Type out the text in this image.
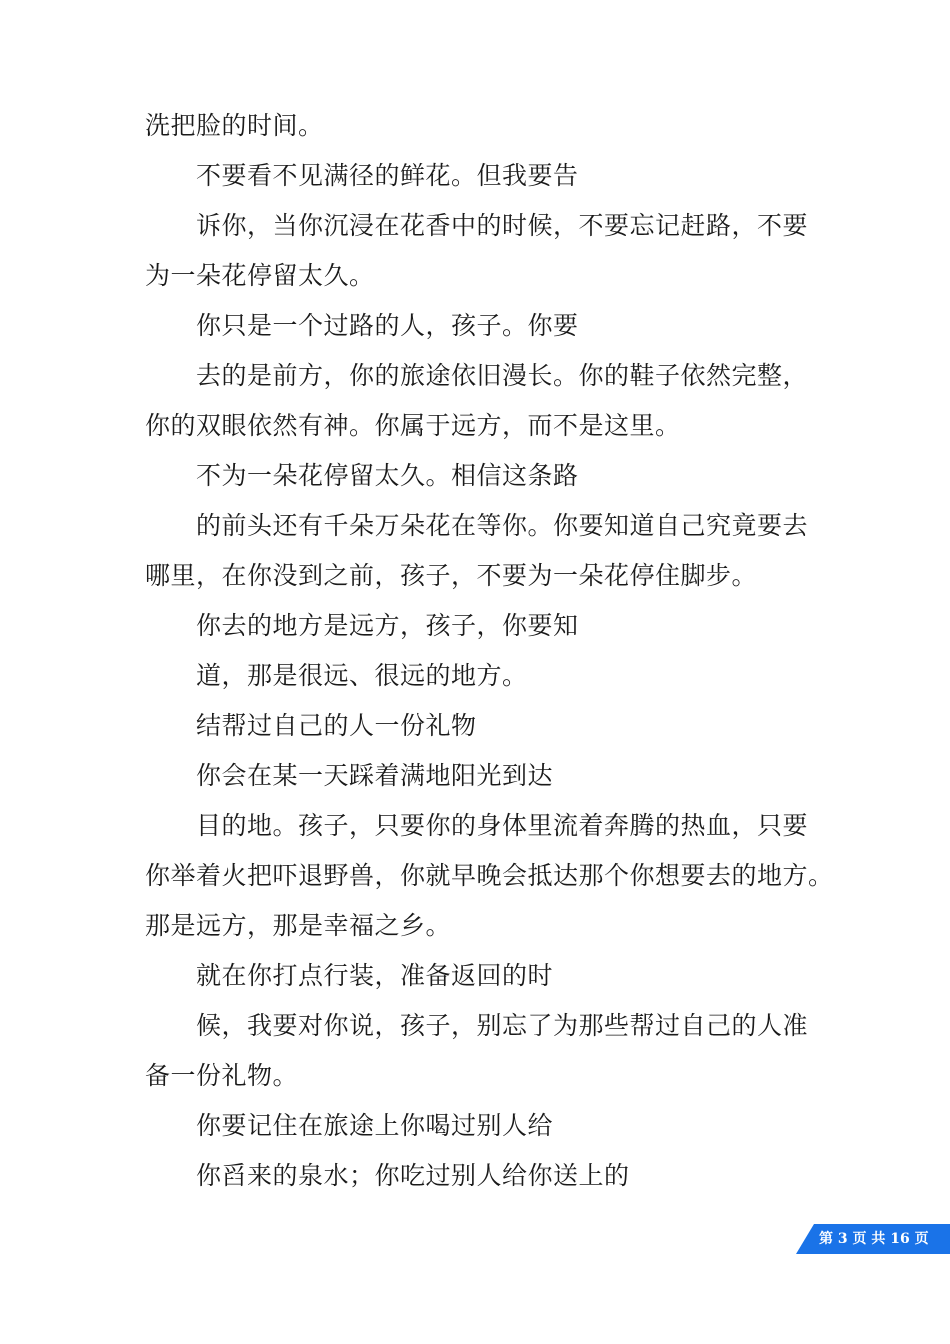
洗把脸的时间。
不要看不见满径的鲜花。但我要告
诉你，当你沉浸在花香中的时候，不要忘记赶路，不要
为一朵花停留太久。
你只是一个过路的人，孩子。你要
去的是前方，你的旅途依旧漫长。你的鞋子依然完整，
你的双眼依然有神。你属于远方，而不是这里。
不为一朵花停留太久。相信这条路
的前头还有千朵万朵花在等你。你要知道自己究竟要去
哪里，在你没到之前，孩子，不要为一朵花停住脚步。
你去的地方是远方，孩子，你要知
道，那是很远、很远的地方。
结帮过自己的人一份礼物
你会在某一天踩着满地阳光到达
目的地。孩子，只要你的身体里流着奔腾的热血，只要
你举着火把吓退野兽，你就早晚会抵达那个你想要去的地方。
那是远方，那是幸福之乡。
就在你打点行装，准备返回的时
候，我要对你说，孩子，别忘了为那些帮过自己的人准
备一份礼物。
你要记住在旅途上你喝过别人给
你舀来的泉水；你吃过别人给你送上的
第 3 页 共 16 页
